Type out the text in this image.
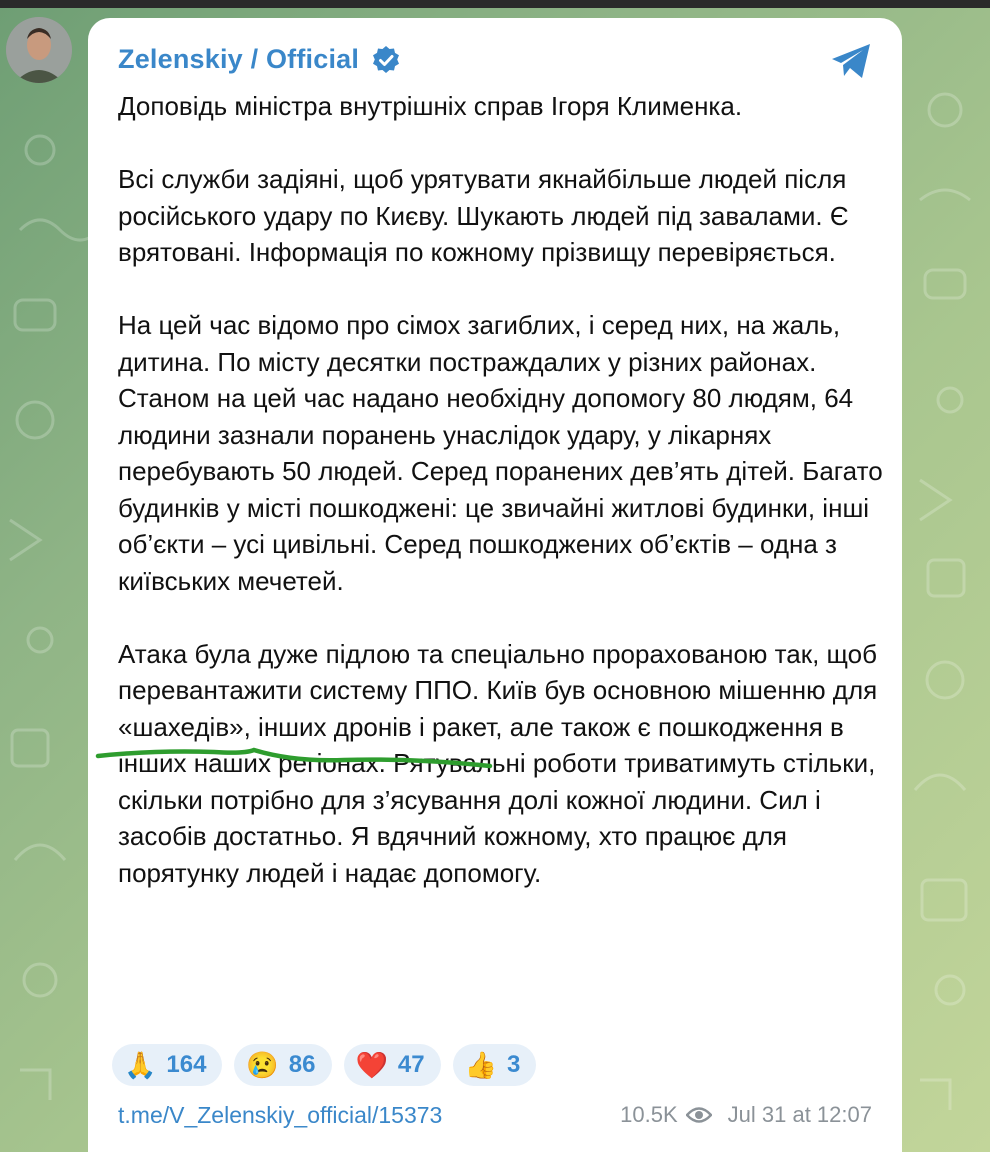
Zelenskiy / Official
Доповідь міністра внутрішніх справ Ігоря Клименка.

Всі служби задіяні, щоб урятувати якнайбільше людей після російського удару по Києву. Шукають людей під завалами. Є врятовані. Інформація по кожному прізвищу перевіряється.

На цей час відомо про сімох загиблих, і серед них, на жаль, дитина. По місту десятки постраждалих у різних районах. Станом на цей час надано необхідну допомогу 80 людям, 64 людини зазнали поранень унаслідок удару, у лікарнях перебувають 50 людей. Серед поранених дев’ять дітей. Багато будинків у місті пошкоджені: це звичайні житлові будинки, інші об’єкти – усі цивільні. Серед пошкоджених об’єктів – одна з київських мечетей.

Атака була дуже підлою та спеціально прорахованою так, щоб перевантажити систему ППО. Київ був основною мішенню для «шахедів», інших дронів і ракет, але також є пошкодження в інших наших регіонах. Рятувальні роботи триватимуть стільки, скільки потрібно для з’ясування долі кожної людини. Сил і засобів достатньо. Я вдячний кожному, хто працює для порятунку людей і надає допомогу.
🙏 164 😢 86 ❤️ 47 👍 3
t.me/V_Zelenskiy_official/15373	10.5K Jul 31 at 12:07
